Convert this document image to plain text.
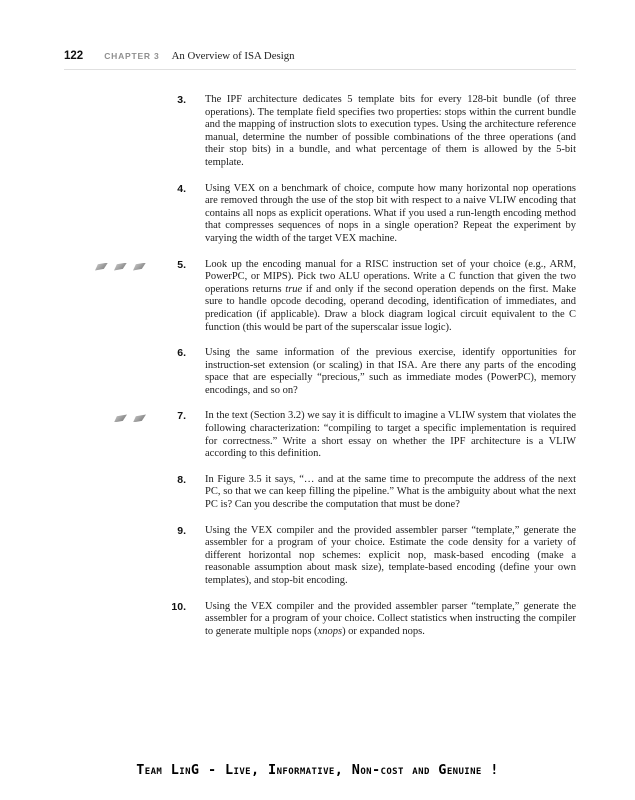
122 CHAPTER 3 An Overview of ISA Design
3. The IPF architecture dedicates 5 template bits for every 128-bit bundle (of three operations). The template field specifies two properties: stops within the current bundle and the mapping of instruction slots to execution types. Using the architecture reference manual, determine the number of possible combinations of the three operations (and their stop bits) in a bundle, and what percentage of them is allowed by the 5-bit template.

4. Using VEX on a benchmark of choice, compute how many horizontal nop operations are removed through the use of the stop bit with respect to a naive VLIW encoding that contains all nops as explicit operations. What if you used a run-length encoding method that compresses sequences of nops in a single operation? Repeat the experiment by varying the width of the target VEX machine.

5. Look up the encoding manual for a RISC instruction set of your choice (e.g., ARM, PowerPC, or MIPS). Pick two ALU operations. Write a C function that given the two operations returns true if and only if the second operation depends on the first. Make sure to handle opcode decoding, operand decoding, identification of immediates, and predication (if applicable). Draw a block diagram logical circuit equivalent to the C function (this would be part of the superscalar issue logic).

6. Using the same information of the previous exercise, identify opportunities for instruction-set extension (or scaling) in that ISA. Are there any parts of the encoding space that are especially “precious,” such as immediate modes (PowerPC), memory encodings, and so on?

7. In the text (Section 3.2) we say it is difficult to imagine a VLIW system that violates the following characterization: “compiling to target a specific implementation is required for correctness.” Write a short essay on whether the IPF architecture is a VLIW according to this definition.

8. In Figure 3.5 it says, “… and at the same time to precompute the address of the next PC, so that we can keep filling the pipeline.” What is the ambiguity about what the next PC is? Can you describe the computation that must be done?

9. Using the VEX compiler and the provided assembler parser “template,” generate the assembler for a program of your choice. Estimate the code density for a variety of different horizontal nop schemes: explicit nop, mask-based encoding (make a reasonable assumption about mask size), template-based encoding (define your own templates), and stop-bit encoding.

10. Using the VEX compiler and the provided assembler parser “template,” generate the assembler for a program of your choice. Collect statistics when instructing the compiler to generate multiple nops (xnops) or expanded nops.

Team LinG - Live, Informative, Non-cost and Genuine !
